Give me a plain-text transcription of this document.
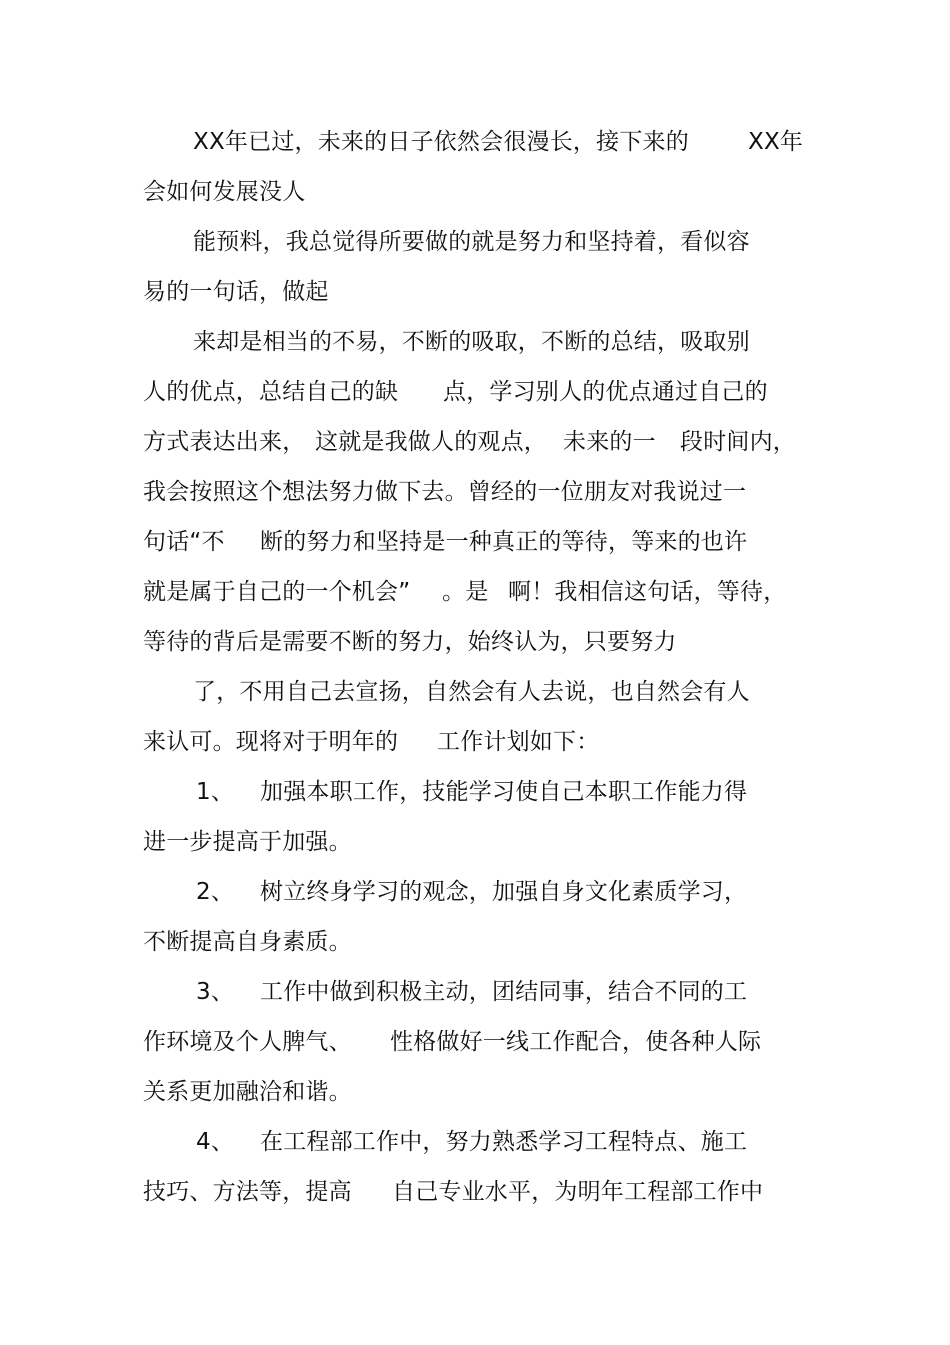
XX年已过，未来的日子依然会很漫长，接下来的	XX年
会如何发展没人
能预料，我总觉得所要做的就是努力和坚持着，看似容
易的一句话，做起
来却是相当的不易，不断的吸取，不断的总结，吸取别
人的优点，总结自己的缺 点，学习别人的优点通过自己的
方式表达出来， 这就是我做人的观点， 未来的一 段时间内，
我会按照这个想法努力做下去。曾经的一位朋友对我说过一
句话“不 断的努力和坚持是一种真正的等待，等来的也许
就是属于自己的一个机会” 。是 啊！我相信这句话，等待，
等待的背后是需要不断的努力，始终认为，只要努力
了，不用自己去宣扬，自然会有人去说，也自然会有人
来认可。现将对于明年的 工作计划如下：
1、 加强本职工作，技能学习使自己本职工作能力得
进一步提高于加强。
2、 树立终身学习的观念，加强自身文化素质学习，
不断提高自身素质。
3、 工作中做到积极主动，团结同事，结合不同的工
作环境及个人脾气、 性格做好一线工作配合，使各种人际
关系更加融洽和谐。
4、 在工程部工作中，努力熟悉学习工程特点、施工
技巧、方法等，提高 自己专业水平，为明年工程部工作中
